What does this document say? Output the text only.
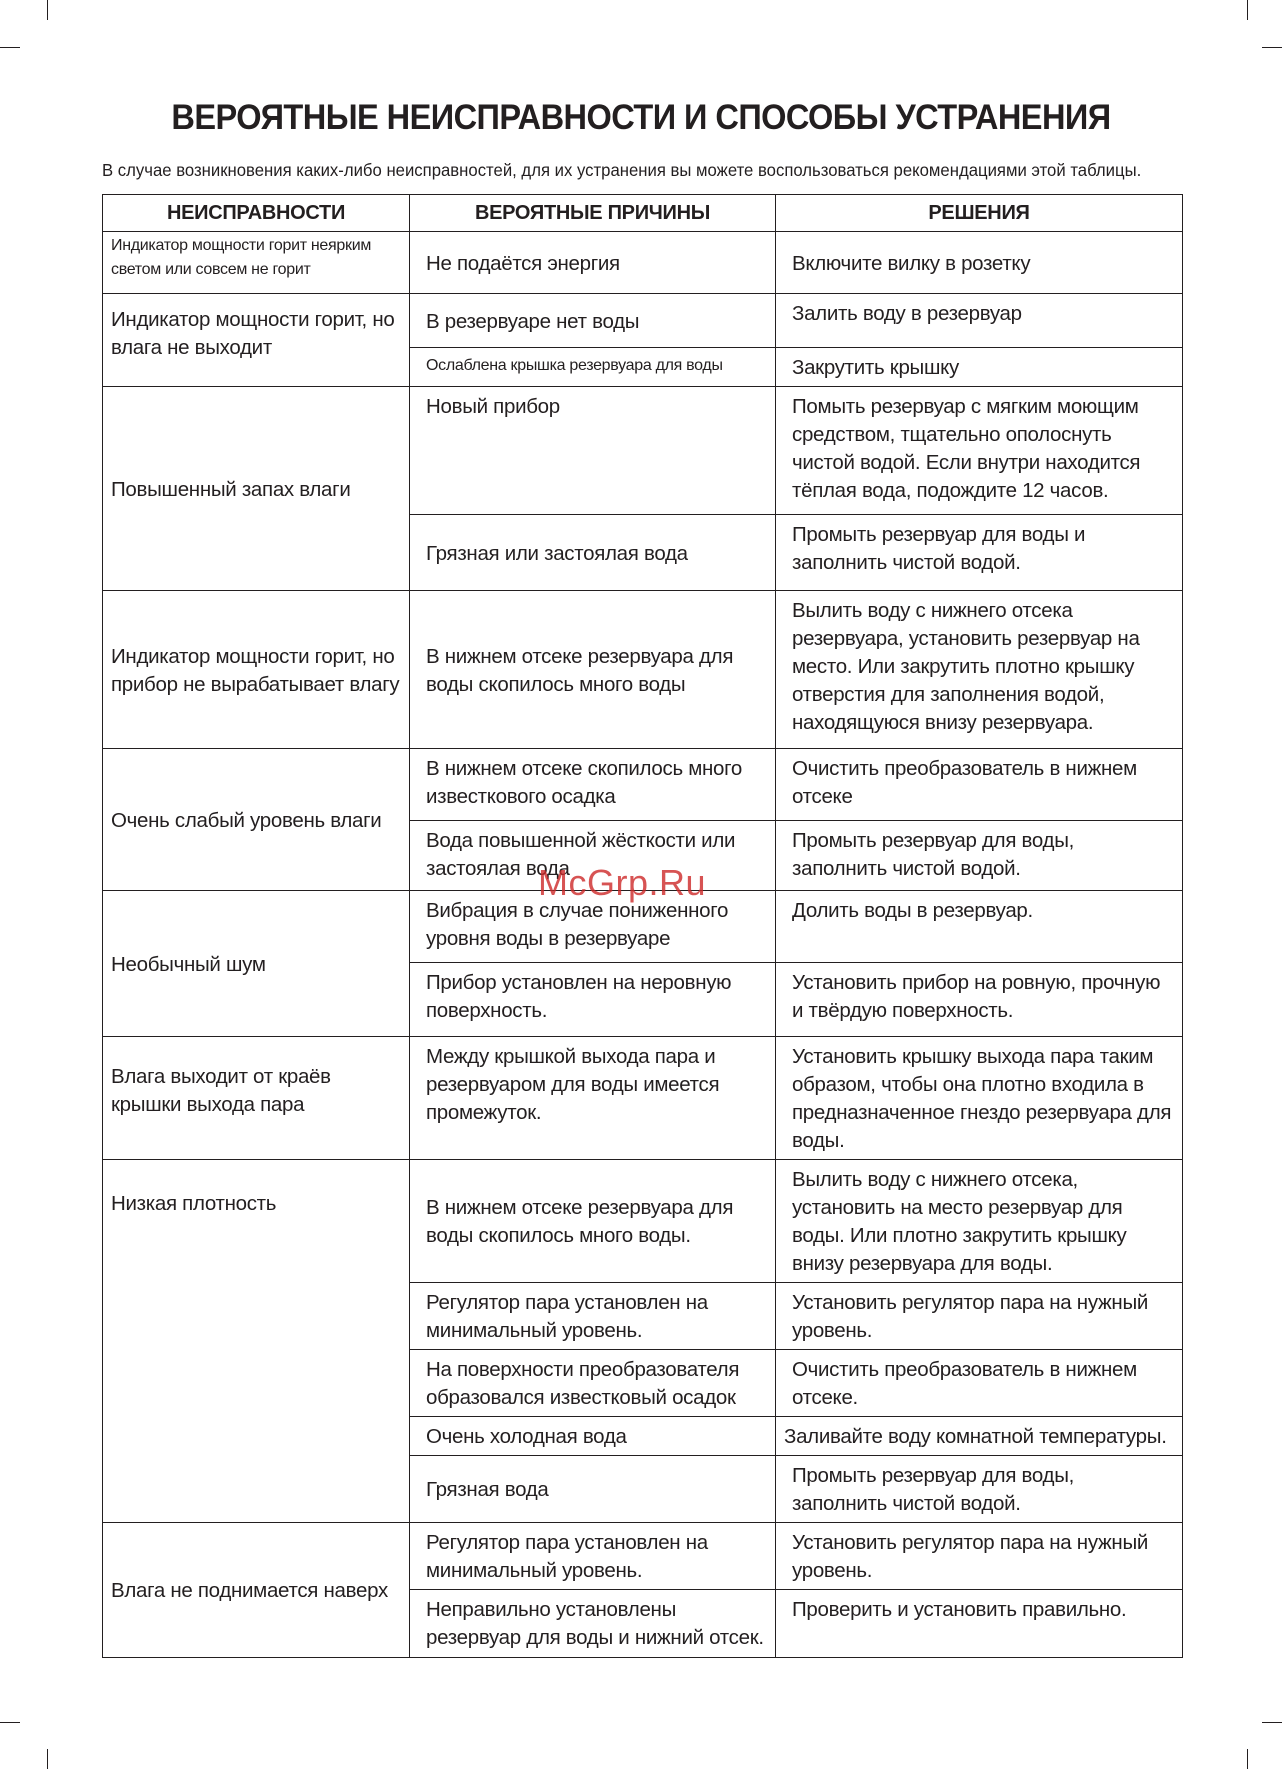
ВЕРОЯТНЫЕ НЕИСПРАВНОСТИ И СПОСОБЫ УСТРАНЕНИЯ
В случае возникновения каких-либо неисправностей, для их устранения вы можете воспользоваться рекомендациями этой таблицы.
НЕИСПРАВНОСТИ	ВЕРОЯТНЫЕ ПРИЧИНЫ	РЕШЕНИЯ
Индикатор мощности горит неярким светом или совсем не горит	Не подаётся энергия	Включите вилку в розетку
Индикатор мощности горит, но влага не выходит	В резервуаре нет воды	Залить воду в резервуар
	Ослаблена крышка резервуара для воды	Закрутить крышку
Повышенный запах влаги	Новый прибор	Помыть резервуар с мягким моющим средством, тщательно ополоснуть чистой водой. Если внутри находится тёплая вода, подождите 12 часов.
	Грязная или застоялая вода	Промыть резервуар для воды и заполнить чистой водой.
Индикатор мощности горит, но прибор не вырабатывает влагу	В нижнем отсеке резервуара для воды скопилось много воды	Вылить воду с нижнего отсека резервуара, установить резервуар на место. Или закрутить плотно крышку отверстия для заполнения водой, находящуюся внизу резервуара.
Очень слабый уровень влаги	В нижнем отсеке скопилось много известкового осадка	Очистить преобразователь в нижнем отсеке
	Вода повышенной жёсткости или застоялая вода	Промыть резервуар для воды, заполнить чистой водой.
Необычный шум	Вибрация в случае пониженного уровня воды в резервуаре	Долить воды в резервуар.
	Прибор установлен на неровную поверхность.	Установить прибор на ровную, прочную и твёрдую поверхность.
Влага выходит от краёв крышки выхода пара	Между крышкой выхода пара и резервуаром для воды имеется промежуток.	Установить крышку выхода пара таким образом, чтобы она плотно входила в предназначенное гнездо резервуара для воды.
Низкая плотность	В нижнем отсеке резервуара для воды скопилось много воды.	Вылить воду с нижнего отсека, установить на место резервуар для воды. Или плотно закрутить крышку внизу резервуара для воды.
	Регулятор пара установлен на минимальный уровень.	Установить регулятор пара на нужный уровень.
	На поверхности преобразователя образовался известковый осадок	Очистить преобразователь в нижнем отсеке.
	Очень холодная вода	Заливайте воду комнатной температуры.
	Грязная вода	Промыть резервуар для воды, заполнить чистой водой.
Влага не поднимается наверх	Регулятор пара установлен на минимальный уровень.	Установить регулятор пара на нужный уровень.
	Неправильно установлены резервуар для воды и нижний отсек.	Проверить и установить правильно.
McGrp.Ru
